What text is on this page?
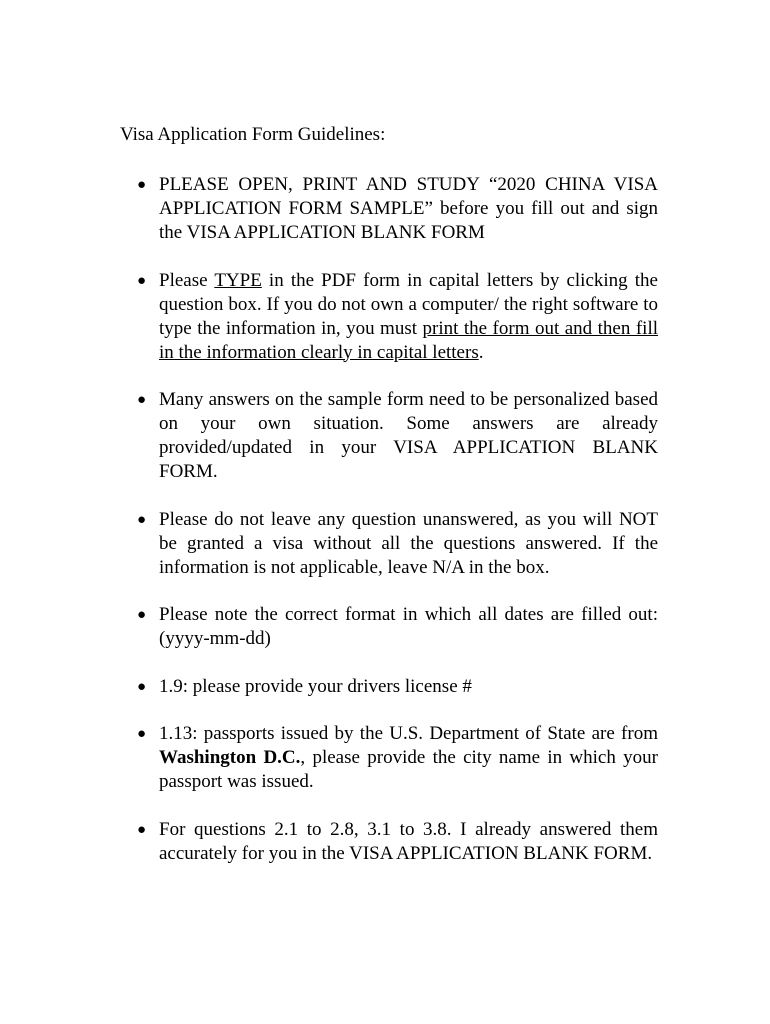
Visa Application Form Guidelines:
● PLEASE OPEN, PRINT AND STUDY “2020 CHINA VISA APPLICATION FORM SAMPLE” before you fill out and sign the VISA APPLICATION BLANK FORM
● Please TYPE in the PDF form in capital letters by clicking the question box. If you do not own a computer/ the right software to type the information in, you must print the form out and then fill in the information clearly in capital letters.
● Many answers on the sample form need to be personalized based on your own situation. Some answers are already provided/updated in your VISA APPLICATION BLANK FORM.
● Please do not leave any question unanswered, as you will NOT be granted a visa without all the questions answered. If the information is not applicable, leave N/A in the box.
● Please note the correct format in which all dates are filled out: (yyyy-mm-dd)
● 1.9: please provide your drivers license #
● 1.13: passports issued by the U.S. Department of State are from Washington D.C., please provide the city name in which your passport was issued.
● For questions 2.1 to 2.8, 3.1 to 3.8. I already answered them accurately for you in the VISA APPLICATION BLANK FORM.
